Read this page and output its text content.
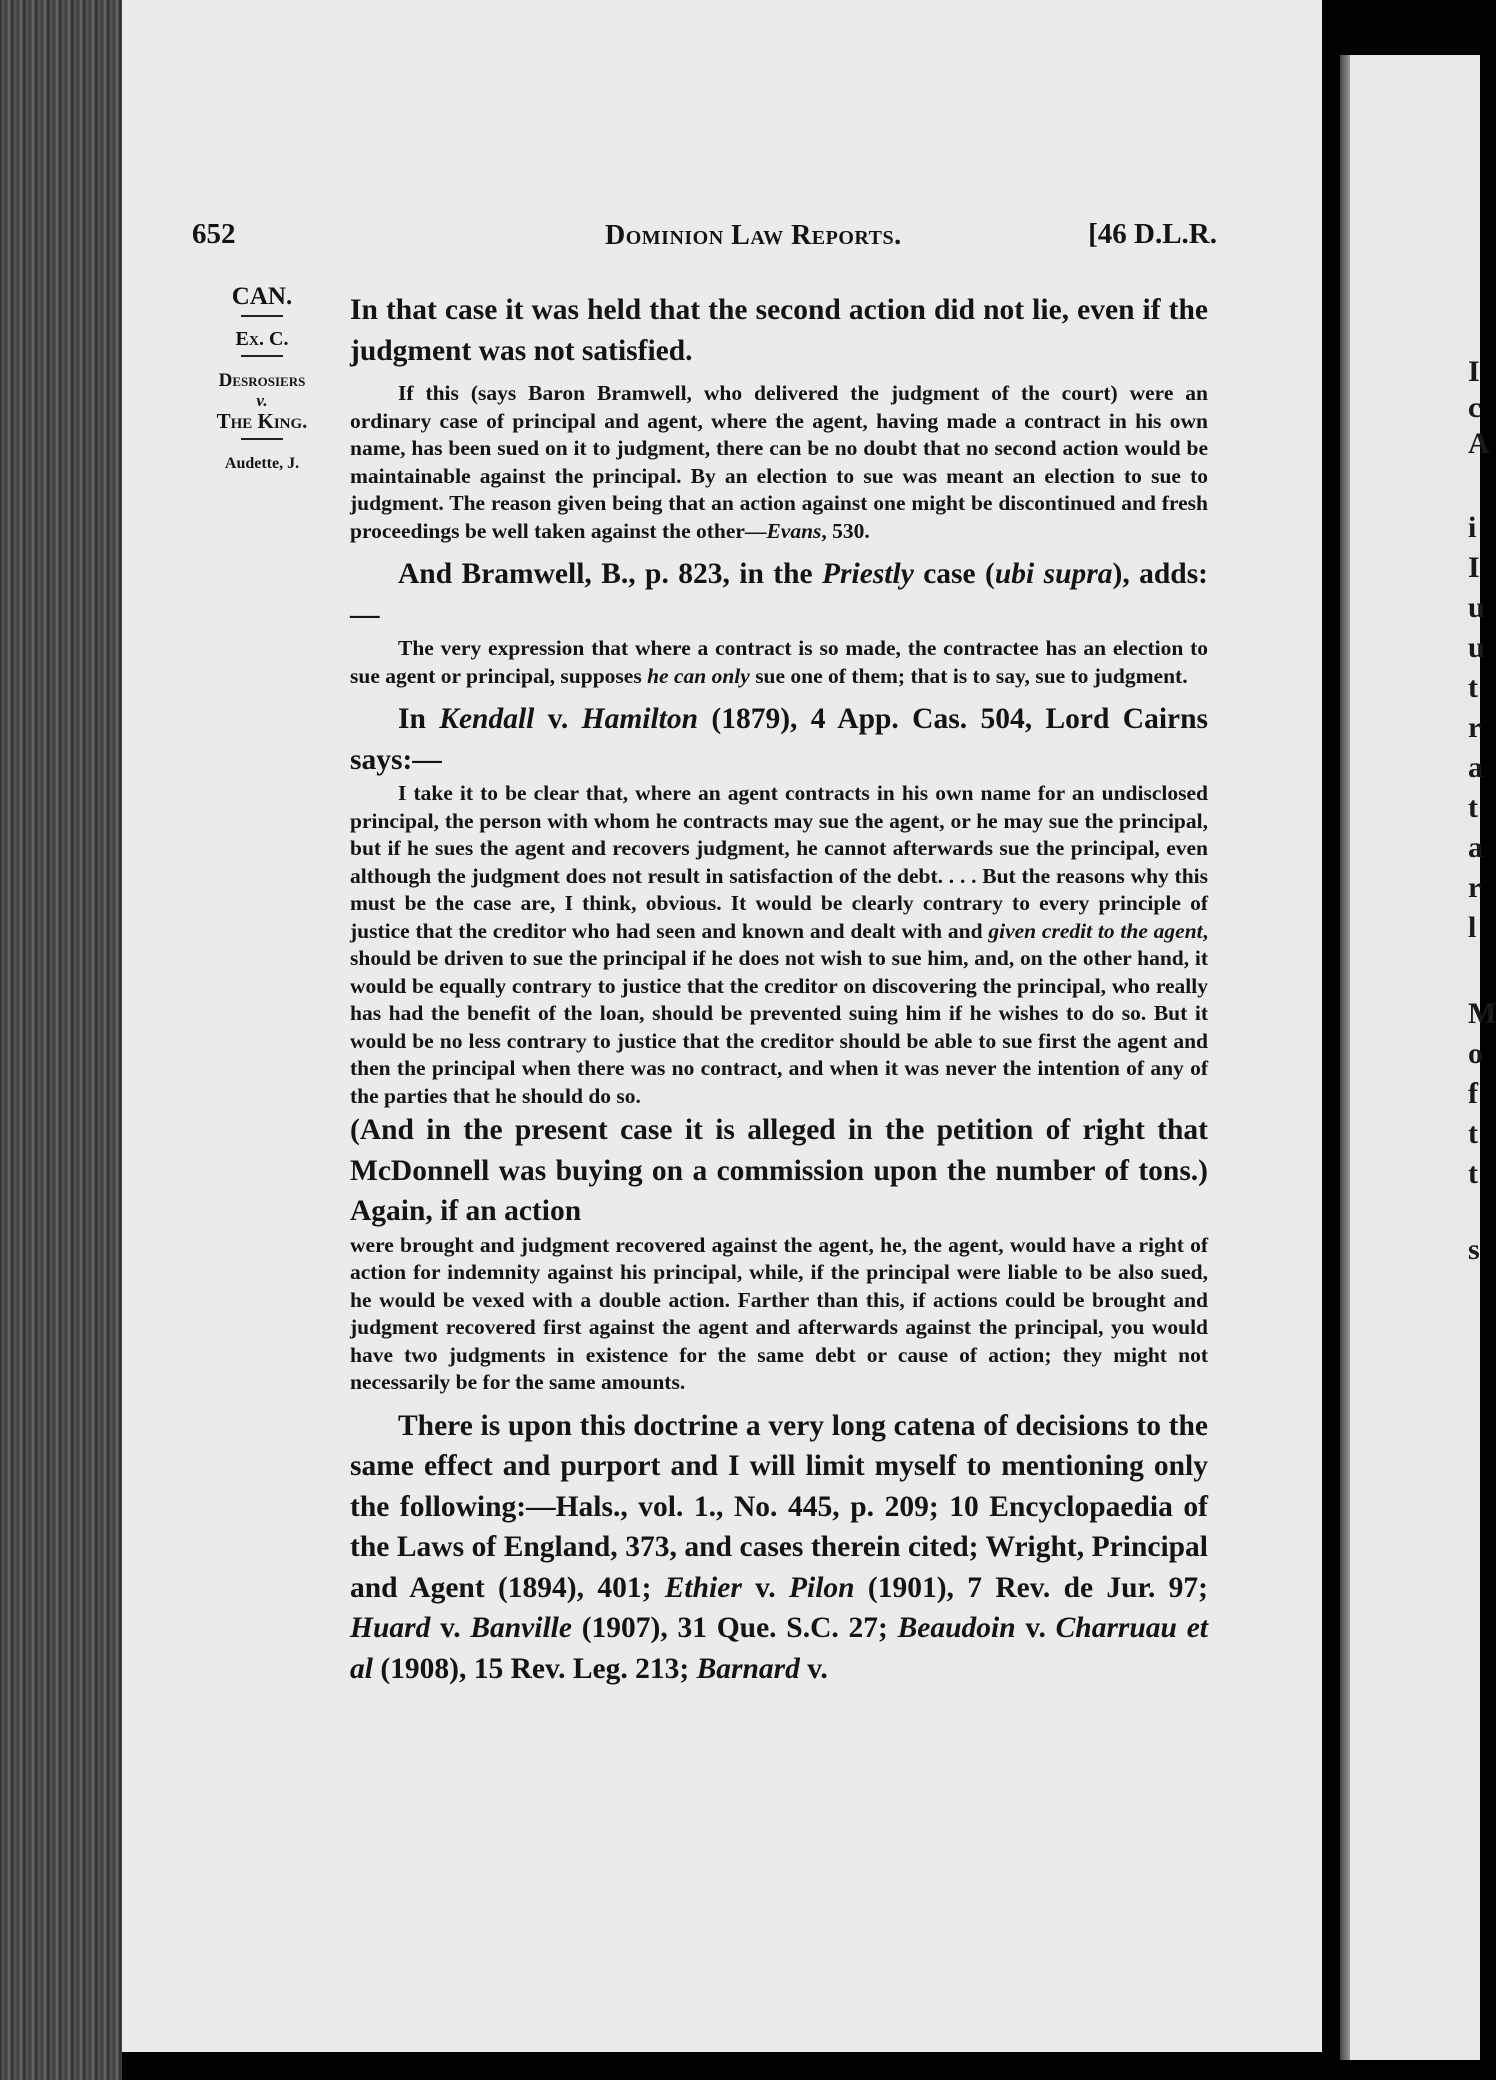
I
c
A
i
I
u
u
t
r
a
t
a
r
l
M
o
f
t
t
s
652	Dominion Law Reports.	[46 D.L.R.
CAN.
Ex. C.
Desrosiers
v.
The King.
Audette, J.

In that case it was held that the second action did not lie, even if the judgment was not satisfied.

If this (says Baron Bramwell, who delivered the judgment of the court) were an ordinary case of principal and agent, where the agent, having made a contract in his own name, has been sued on it to judgment, there can be no doubt that no second action would be maintainable against the principal. By an election to sue was meant an election to sue to judgment. The reason given being that an action against one might be discontinued and fresh proceedings be well taken against the other—Evans, 530.

And Bramwell, B., p. 823, in the Priestly case (ubi supra), adds:—

The very expression that where a contract is so made, the contractee has an election to sue agent or principal, supposes he can only sue one of them; that is to say, sue to judgment.

In Kendall v. Hamilton (1879), 4 App. Cas. 504, Lord Cairns says:—

I take it to be clear that, where an agent contracts in his own name for an undisclosed principal, the person with whom he contracts may sue the agent, or he may sue the principal, but if he sues the agent and recovers judgment, he cannot afterwards sue the principal, even although the judgment does not result in satisfaction of the debt. . . . But the reasons why this must be the case are, I think, obvious. It would be clearly contrary to every principle of justice that the creditor who had seen and known and dealt with and given credit to the agent, should be driven to sue the principal if he does not wish to sue him, and, on the other hand, it would be equally contrary to justice that the creditor on discovering the principal, who really has had the benefit of the loan, should be prevented suing him if he wishes to do so. But it would be no less contrary to justice that the creditor should be able to sue first the agent and then the principal when there was no contract, and when it was never the intention of any of the parties that he should do so.

(And in the present case it is alleged in the petition of right that McDonnell was buying on a commission upon the number of tons.) Again, if an action

were brought and judgment recovered against the agent, he, the agent, would have a right of action for indemnity against his principal, while, if the principal were liable to be also sued, he would be vexed with a double action. Farther than this, if actions could be brought and judgment recovered first against the agent and afterwards against the principal, you would have two judgments in existence for the same debt or cause of action; they might not necessarily be for the same amounts.

There is upon this doctrine a very long catena of decisions to the same effect and purport and I will limit myself to mentioning only the following:—Hals., vol. 1., No. 445, p. 209; 10 Encyclopaedia of the Laws of England, 373, and cases therein cited; Wright, Principal and Agent (1894), 401; Ethier v. Pilon (1901), 7 Rev. de Jur. 97; Huard v. Banville (1907), 31 Que. S.C. 27; Beaudoin v. Charruau et al (1908), 15 Rev. Leg. 213; Barnard v.
